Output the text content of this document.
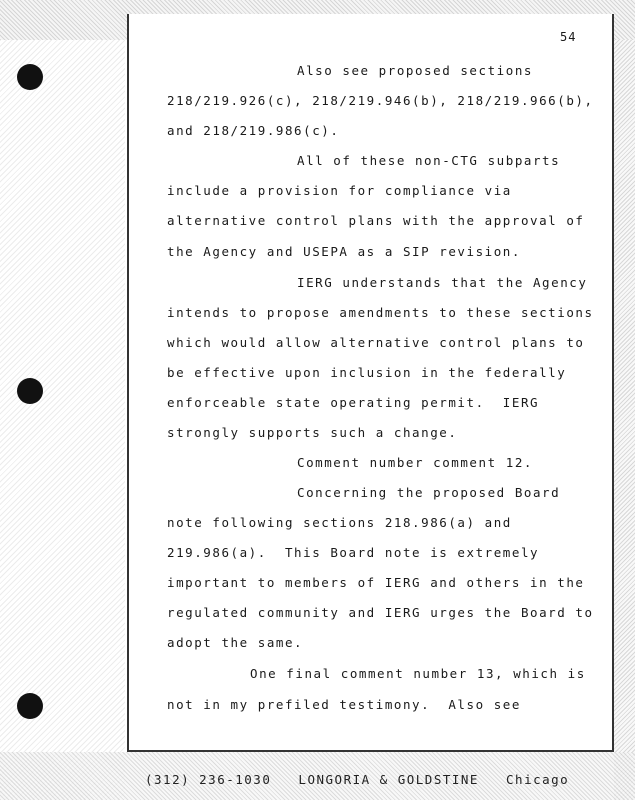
54
Also see proposed sections
218/219.926(c), 218/219.946(b), 218/219.966(b),
and 218/219.986(c).
All of these non-CTG subparts
include a provision for compliance via
alternative control plans with the approval of
the Agency and USEPA as a SIP revision.
IERG understands that the Agency
intends to propose amendments to these sections
which would allow alternative control plans to
be effective upon inclusion in the federally
enforceable state operating permit.  IERG
strongly supports such a change.
Comment number comment 12.
Concerning the proposed Board
note following sections 218.986(a) and
219.986(a).  This Board note is extremely
important to members of IERG and others in the
regulated community and IERG urges the Board to
adopt the same.
One final comment number 13, which is
not in my prefiled testimony.  Also see
(312) 236-1030   LONGORIA & GOLDSTINE   Chicago
